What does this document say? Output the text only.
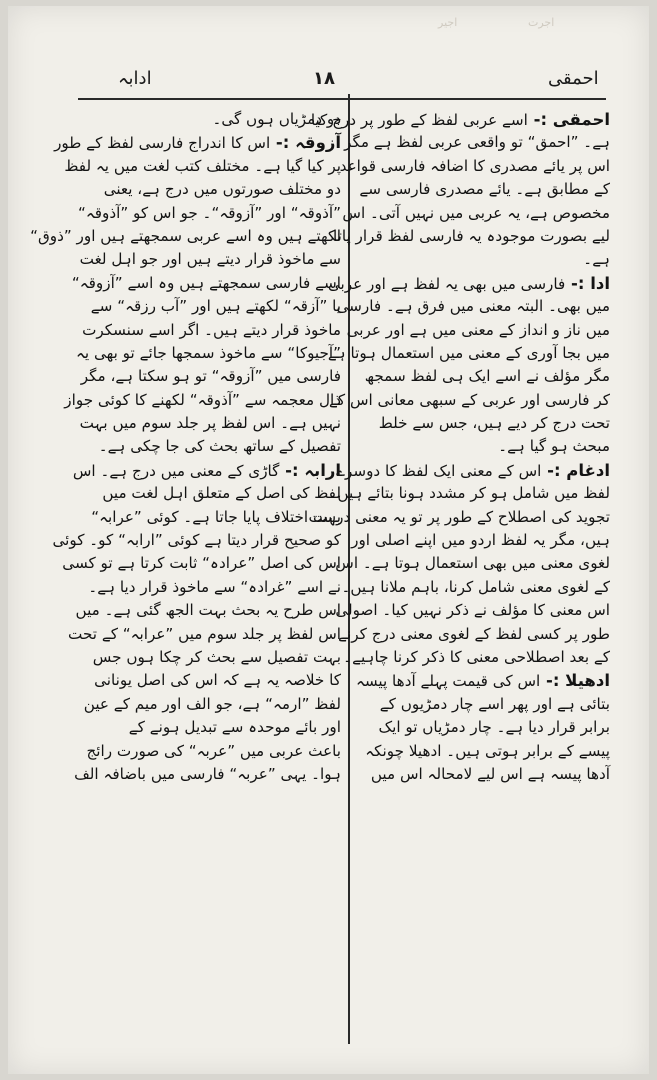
اجیر	اجرت
ادابہ	۱۸	احمقی
احمقی :- اسے عربی لفظ کے طور پر درج کیا
ہے۔ ”احمق“ تو واقعی عربی لفظ ہے مگر
اس پر یائے مصدری کا اضافہ فارسی قواعد
کے مطابق ہے۔ یائے مصدری فارسی سے
مخصوص ہے، یہ عربی میں نہیں آتی۔ اس
لیے بصورت موجودہ یہ فارسی لفظ قرار پاتا
ہے۔
ادا :- فارسی میں بھی یہ لفظ ہے اور عربی
میں بھی۔ البتہ معنی میں فرق ہے۔ فارسی
میں ناز و انداز کے معنی میں ہے اور عربی
میں بجا آوری کے معنی میں استعمال ہوتا ہے
مگر مؤلف نے اسے ایک ہی لفظ سمجھ
کر فارسی اور عربی کے سبھی معانی اس کے
تحت درج کر دیے ہیں، جس سے خلط
مبحث ہو گیا ہے۔
ادغام :- اس کے معنی ایک لفظ کا دوسرے
لفظ میں شامل ہو کر مشدد ہونا بتائے ہیں۔
تجوید کی اصطلاح کے طور پر تو یہ معنی درست
ہیں، مگر یہ لفظ اردو میں اپنے اصلی اور
لغوی معنی میں بھی استعمال ہوتا ہے۔ اس
کے لغوی معنی شامل کرنا، باہم ملانا ہیں۔
اس معنی کا مؤلف نے ذکر نہیں کیا۔ اصولی
طور پر کسی لفظ کے لغوی معنی درج کرنے
کے بعد اصطلاحی معنی کا ذکر کرنا چاہیے۔
ادھیلا :- اس کی قیمت پہلے آدھا پیسہ
بتائی ہے اور پھر اسے چار دمڑیوں کے
برابر قرار دیا ہے۔ چار دمڑیاں تو ایک
پیسے کے برابر ہوتی ہیں۔ ادھیلا چونکہ
آدھا پیسہ ہے اس لیے لامحالہ اس میں
دو دمڑیاں ہوں گی۔
آزوقہ :- اس کا اندراج فارسی لفظ کے طور
پر کیا گیا ہے۔ مختلف کتب لغت میں یہ لفظ
دو مختلف صورتوں میں درج ہے، یعنی
”آذوقہ“ اور ”آزوقہ“۔ جو اس کو ”آذوقہ“
لکھتے ہیں وہ اسے عربی سمجھتے ہیں اور ”ذوق“
سے ماخوذ قرار دیتے ہیں اور جو اہل لغت
اسے فارسی سمجھتے ہیں وہ اسے ”آزوقہ“
یا ”آزقہ“ لکھتے ہیں اور ”آب رزقہ“ سے
ماخوذ قرار دیتے ہیں۔ اگر اسے سنسکرت
”آجیوکا“ سے ماخوذ سمجھا جائے تو بھی یہ
فارسی میں ”آزوقہ“ تو ہو سکتا ہے، مگر
ذال معجمہ سے ”آذوقہ“ لکھنے کا کوئی جواز
نہیں ہے۔ اس لفظ پر جلد سوم میں بہت
تفصیل کے ساتھ بحث کی جا چکی ہے۔
ارابہ :- گاڑی کے معنی میں درج ہے۔ اس
لفظ کی اصل کے متعلق اہل لغت میں
بہت اختلاف پایا جاتا ہے۔ کوئی ”عرابہ“
کو صحیح قرار دیتا ہے کوئی ”ارابہ“ کو۔ کوئی
اس کی اصل ”عرادہ“ ثابت کرتا ہے تو کسی
نے اسے ”غرادہ“ سے ماخوذ قرار دیا ہے۔
اس طرح یہ بحث بہت الجھ گئی ہے۔ میں
اس لفظ پر جلد سوم میں ”عرابہ“ کے تحت
بہت تفصیل سے بحث کر چکا ہوں جس
کا خلاصہ یہ ہے کہ اس کی اصل یونانی
لفظ ”ارمہ“ ہے، جو الف اور میم کے عین
اور بائے موحدہ سے تبدیل ہونے کے
باعث عربی میں ”عربہ“ کی صورت رائج
ہوا۔ یہی ”عربہ“ فارسی میں باضافہ الف
